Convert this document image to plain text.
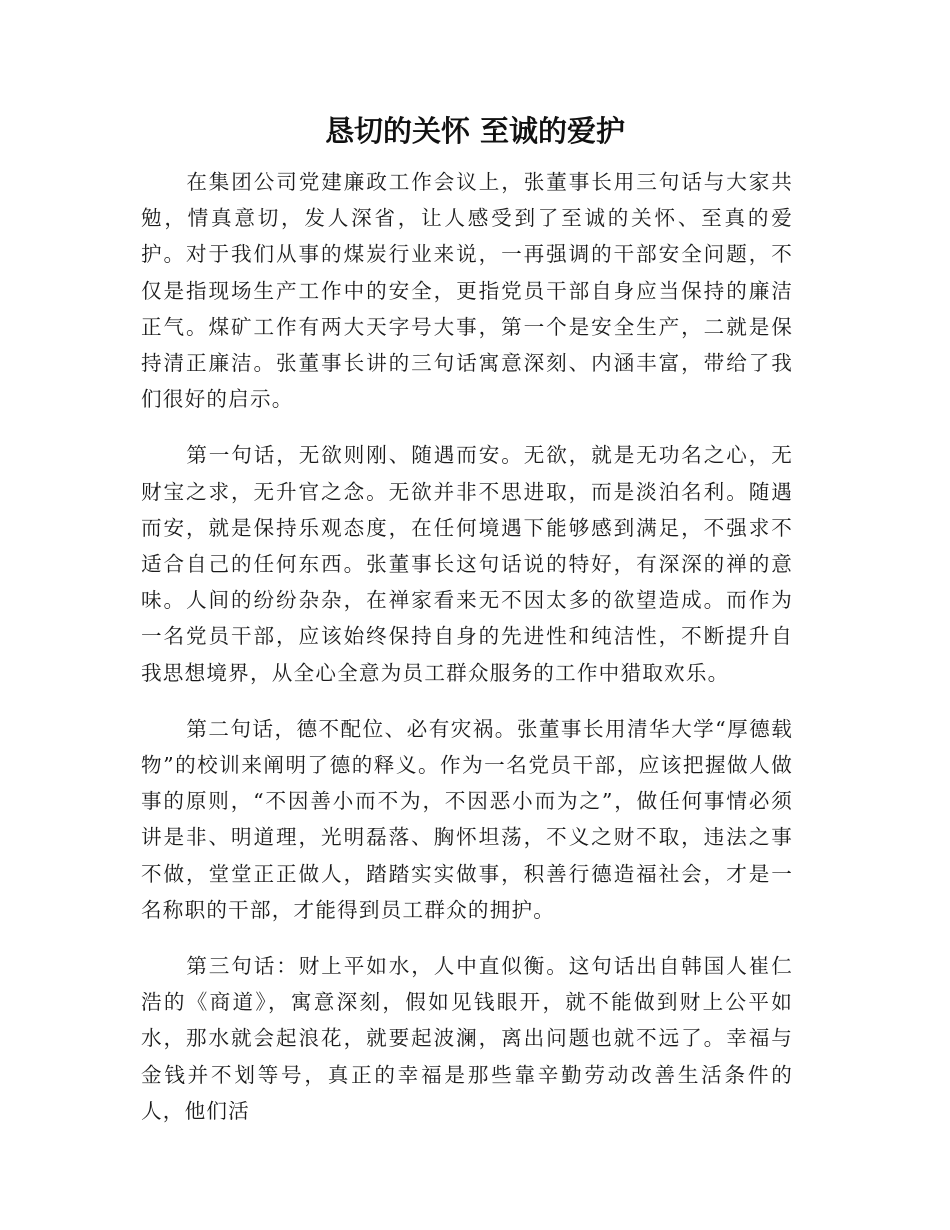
恳切的关怀 至诚的爱护

在集团公司党建廉政工作会议上，张董事长用三句话与大家共勉，情真意切，发人深省，让人感受到了至诚的关怀、至真的爱护。对于我们从事的煤炭行业来说，一再强调的干部安全问题，不仅是指现场生产工作中的安全，更指党员干部自身应当保持的廉洁正气。煤矿工作有两大天字号大事，第一个是安全生产，二就是保持清正廉洁。张董事长讲的三句话寓意深刻、内涵丰富，带给了我们很好的启示。

第一句话，无欲则刚、随遇而安。无欲，就是无功名之心，无财宝之求，无升官之念。无欲并非不思进取，而是淡泊名利。随遇而安，就是保持乐观态度，在任何境遇下能够感到满足，不强求不适合自己的任何东西。张董事长这句话说的特好，有深深的禅的意味。人间的纷纷杂杂，在禅家看来无不因太多的欲望造成。而作为一名党员干部，应该始终保持自身的先进性和纯洁性，不断提升自我思想境界，从全心全意为员工群众服务的工作中猎取欢乐。

第二句话，德不配位、必有灾祸。张董事长用清华大学“厚德载物”的校训来阐明了德的释义。作为一名党员干部，应该把握做人做事的原则，“不因善小而不为，不因恶小而为之”，做任何事情必须讲是非、明道理，光明磊落、胸怀坦荡，不义之财不取，违法之事不做，堂堂正正做人，踏踏实实做事，积善行德造福社会，才是一名称职的干部，才能得到员工群众的拥护。

第三句话：财上平如水，人中直似衡。这句话出自韩国人崔仁浩的《商道》，寓意深刻，假如见钱眼开，就不能做到财上公平如水，那水就会起浪花，就要起波澜，离出问题也就不远了。幸福与金钱并不划等号，真正的幸福是那些靠辛勤劳动改善生活条件的人，他们活
